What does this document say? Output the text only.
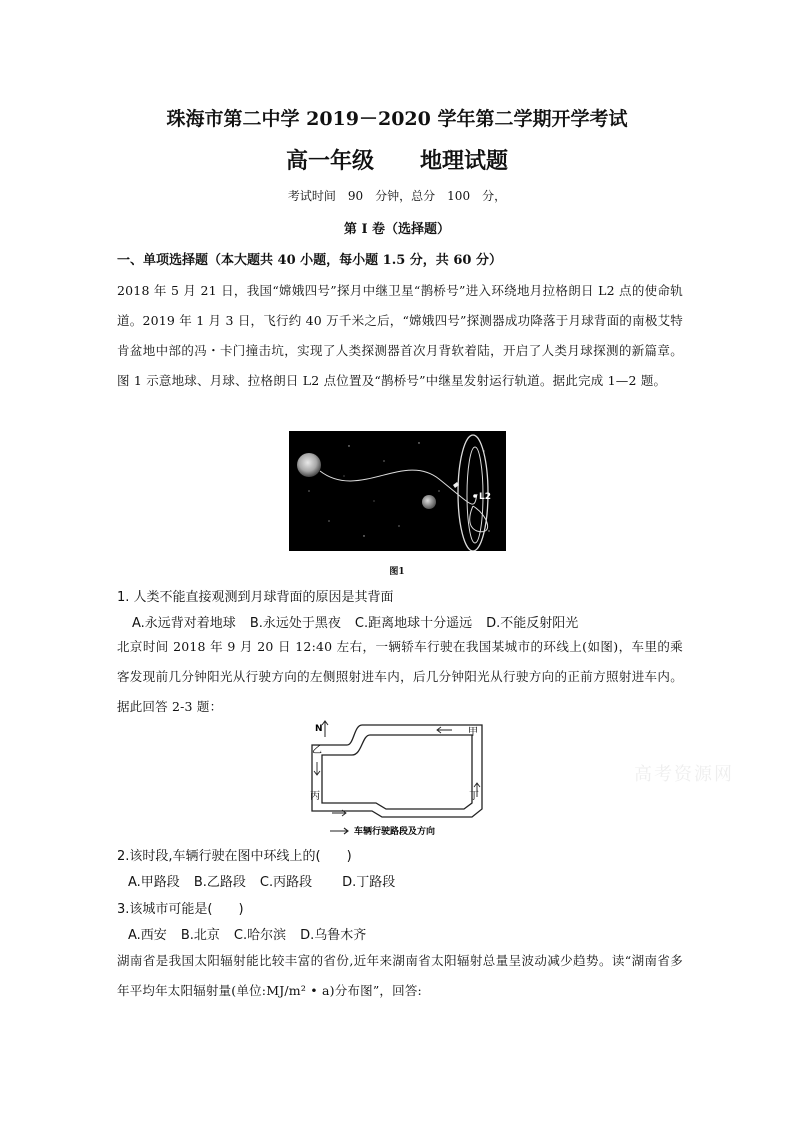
珠海市第二中学 2019－2020 学年第二学期开学考试
高一年级 地理试题
考试时间　90　分钟，总分　100　分，
第 I 卷（选择题）
一、单项选择题（本大题共 40 小题，每小题 1.5 分，共 60 分）
2018 年 5 月 21 日，我国“嫦娥四号”探月中继卫星“鹊桥号”进入环绕地月拉格朗日 L2 点的使命轨道。2019 年 1 月 3 日，飞行约 40 万千米之后，“嫦娥四号”探测器成功降落于月球背面的南极艾特肯盆地中部的冯・卡门撞击坑，实现了人类探测器首次月背软着陆，开启了人类月球探测的新篇章。图 1 示意地球、月球、拉格朗日 L2 点位置及“鹊桥号”中继星发射运行轨道。据此完成 1—2 题。
L2
图1
1. 人类不能直接观测到月球背面的原因是其背面
A.永远背对着地球 B.永远处于黑夜 C.距离地球十分遥远 D.不能反射阳光
北京时间 2018 年 9 月 20 日 12:40 左右，一辆轿车行驶在我国某城市的环线上(如图)，车里的乘客发现前几分钟阳光从行驶方向的左侧照射进车内，后几分钟阳光从行驶方向的正前方照射进车内。据此回答 2-3 题：
N	甲
乙
丙	丁
车辆行驶路段及方向
高考资源网
2.该时段,车辆行驶在图中环线上的(　　)
A.甲路段 B.乙路段 C.丙路段 D.丁路段
3.该城市可能是(　　)
A.西安 B.北京 C.哈尔滨 D.乌鲁木齐
湖南省是我国太阳辐射能比较丰富的省份,近年来湖南省太阳辐射总量呈波动减少趋势。读“湖南省多年平均年太阳辐射量(单位:MJ/m² • a)分布图”，回答:
